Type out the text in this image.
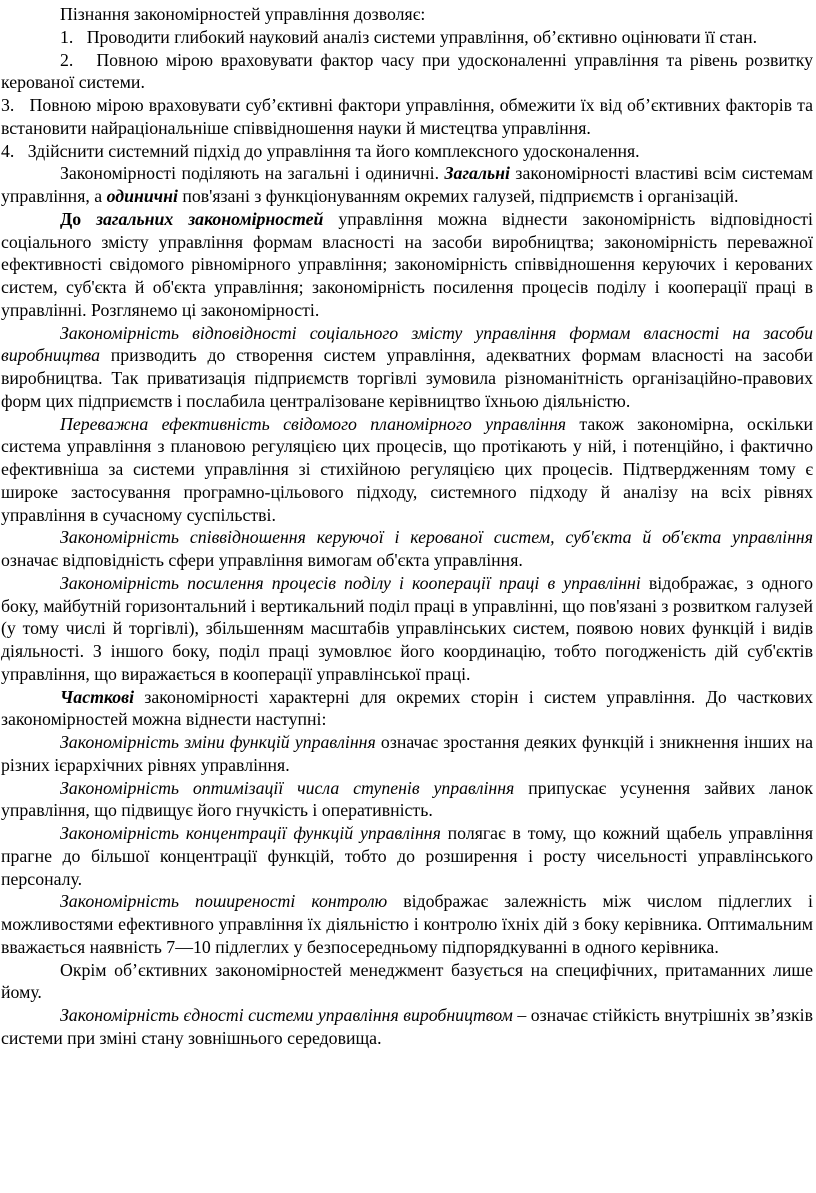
Пізнання закономірностей управління дозволяє:

1. Проводити глибокий науковий аналіз системи управління, об’єктивно оцінювати її стан.

2. Повною мірою враховувати фактор часу при удосконаленні управління та рівень розвитку керованої системи.

3. Повною мірою враховувати суб’єктивні фактори управління, обмежити їх від об’єктивних факторів та встановити найраціональніше співвідношення науки й мистецтва управління.

4. Здійснити системний підхід до управління та його комплексного удосконалення.

Закономірності поділяють на загальні і одиничні. Загальні закономірності властиві всім системам управління, а одиничні пов'язані з функціонуванням окремих галузей, підприємств і організацій.

До загальних закономірностей управління можна віднести закономірність відповідності соціального змісту управління формам власності на засоби виробництва; закономірність переважної ефективності свідомого рівномірного управління; закономірність співвідношення керуючих і керованих систем, суб'єкта й об'єкта управління; закономірність посилення процесів поділу і кооперації праці в управлінні. Розглянемо ці закономірності.

Закономірність відповідності соціального змісту управління формам власності на засоби виробництва призводить до створення систем управління, адекватних формам власності на засоби виробництва. Так приватизація підприємств торгівлі зумовила різноманітність організаційно-правових форм цих підприємств і послабила централізоване керівництво їхньою діяльністю.

Переважна ефективність свідомого планомірного управління також закономірна, оскільки система управління з плановою регуляцією цих процесів, що протікають у ній, і потенційно, і фактично ефективніша за системи управління зі стихійною регуляцією цих процесів. Підтвердженням тому є широке застосування програмно-цільового підходу, системного підходу й аналізу на всіх рівнях управління в сучасному суспільстві.

Закономірність співвідношення керуючої і керованої систем, суб'єкта й об'єкта управління означає відповідність сфери управління вимогам об'єкта управління.

Закономірність посилення процесів поділу і кооперації праці в управлінні відображає, з одного боку, майбутній горизонтальний і вертикальний поділ праці в управлінні, що пов'язані з розвитком галузей (у тому числі й торгівлі), збільшенням масштабів управлінських систем, появою нових функцій і видів діяльності. З іншого боку, поділ праці зумовлює його координацію, тобто погодженість дій суб'єктів управління, що виражається в кооперації управлінської праці.

Часткові закономірності характерні для окремих сторін і систем управління. До часткових закономірностей можна віднести наступні:

Закономірність зміни функцій управління означає зростання деяких функцій і зникнення інших на різних ієрархічних рівнях управління.

Закономірність оптимізації числа ступенів управління припускає усунення зайвих ланок управління, що підвищує його гнучкість і оперативність.

Закономірність концентрації функцій управління полягає в тому, що кожний щабель управління прагне до більшої концентрації функцій, тобто до розширення і росту чисельності управлінського персоналу.

Закономірність поширеності контролю відображає залежність між числом підлеглих і можливостями ефективного управління їх діяльністю і контролю їхніх дій з боку керівника. Оптимальним вважається наявність 7—10 підлеглих у безпосередньому підпорядкуванні в одного керівника.

Окрім об’єктивних закономірностей менеджмент базується на специфічних, притаманних лише йому.

Закономірність єдності системи управління виробництвом – означає стійкість внутрішніх зв’язків системи при зміні стану зовнішнього середовища.
